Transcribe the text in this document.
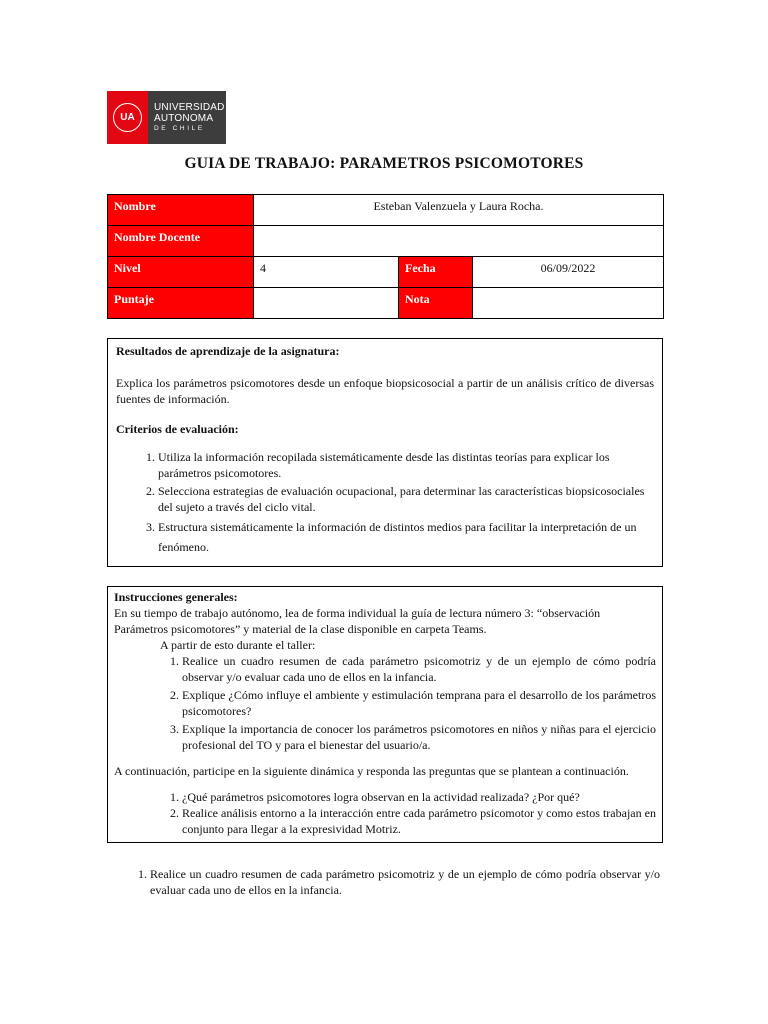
UA
UNIVERSIDAD
AUTONOMA
DE CHILE
GUIA DE TRABAJO: PARAMETROS PSICOMOTORES
Nombre	Esteban Valenzuela y Laura Rocha.		
Nombre Docente			
Nivel	4	Fecha	06/09/2022
Puntaje		Nota	

Resultados de aprendizaje de la asignatura:

Explica los parámetros psicomotores desde un enfoque biopsicosocial a partir de un análisis crítico de diversas fuentes de información.

Criterios de evaluación:

1. Utiliza la información recopilada sistemáticamente desde las distintas teorías para explicar los parámetros psicomotores.
2. Selecciona estrategias de evaluación ocupacional, para determinar las características biopsicosociales del sujeto a través del ciclo vital.
3. Estructura sistemáticamente la información de distintos medios para facilitar la interpretación de un fenómeno.

Instrucciones generales:

En su tiempo de trabajo autónomo, lea de forma individual la guía de lectura número 3: “observación Parámetros psicomotores” y material de la clase disponible en carpeta Teams.

A partir de esto durante el taller:

1. Realice un cuadro resumen de cada parámetro psicomotriz y de un ejemplo de cómo podría observar y/o evaluar cada uno de ellos en la infancia.
2. Explique ¿Cómo influye el ambiente y estimulación temprana para el desarrollo de los parámetros psicomotores?
3. Explique la importancia de conocer los parámetros psicomotores en niños y niñas para el ejercicio profesional del TO y para el bienestar del usuario/a.

A continuación, participe en la siguiente dinámica y responda las preguntas que se plantean a continuación.

1. ¿Qué parámetros psicomotores logra observan en la actividad realizada? ¿Por qué?
2. Realice análisis entorno a la interacción entre cada parámetro psicomotor y como estos trabajan en conjunto para llegar a la expresividad Motriz.
1. Realice un cuadro resumen de cada parámetro psicomotriz y de un ejemplo de cómo podría observar y/o evaluar cada uno de ellos en la infancia.
